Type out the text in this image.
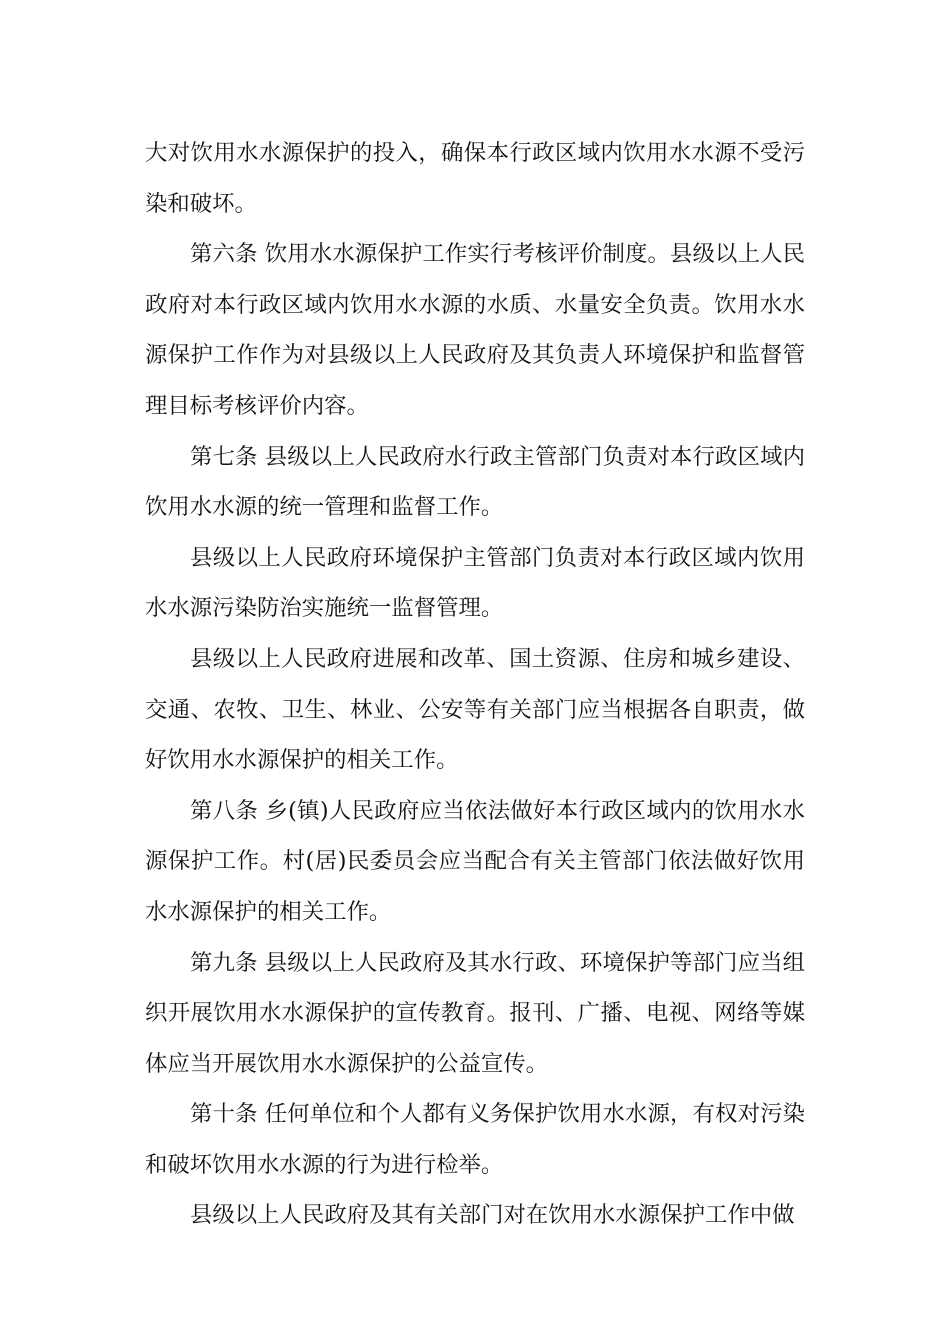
大对饮用水水源保护的投入，确保本行政区域内饮用水水源不受污染和破坏。

第六条 饮用水水源保护工作实行考核评价制度。县级以上人民政府对本行政区域内饮用水水源的水质、水量安全负责。饮用水水源保护工作作为对县级以上人民政府及其负责人环境保护和监督管理目标考核评价内容。

第七条 县级以上人民政府水行政主管部门负责对本行政区域内饮用水水源的统一管理和监督工作。

县级以上人民政府环境保护主管部门负责对本行政区域内饮用水水源污染防治实施统一监督管理。

县级以上人民政府进展和改革、国土资源、住房和城乡建设、交通、农牧、卫生、林业、公安等有关部门应当根据各自职责，做好饮用水水源保护的相关工作。

第八条 乡(镇)人民政府应当依法做好本行政区域内的饮用水水源保护工作。村(居)民委员会应当配合有关主管部门依法做好饮用水水源保护的相关工作。

第九条 县级以上人民政府及其水行政、环境保护等部门应当组织开展饮用水水源保护的宣传教育。报刊、广播、电视、网络等媒体应当开展饮用水水源保护的公益宣传。

第十条 任何单位和个人都有义务保护饮用水水源，有权对污染和破坏饮用水水源的行为进行检举。

县级以上人民政府及其有关部门对在饮用水水源保护工作中做
